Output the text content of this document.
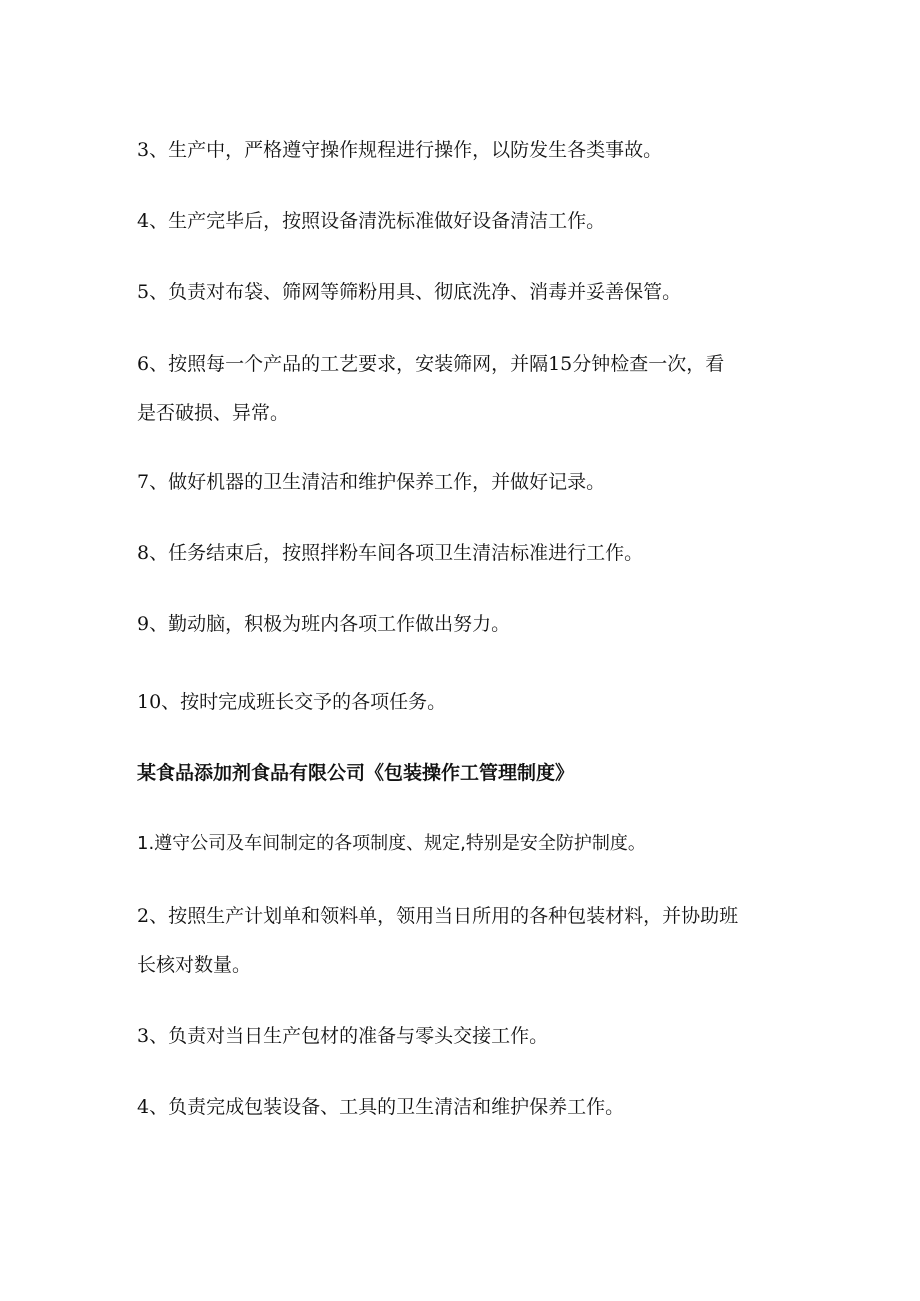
3、生产中，严格遵守操作规程进行操作，以防发生各类事故。
4、生产完毕后，按照设备清洗标准做好设备清洁工作。
5、负责对布袋、筛网等筛粉用具、彻底洗净、消毒并妥善保管。
6、按照每一个产品的工艺要求，安装筛网，并隔15分钟检查一次，看
是否破损、异常。
7、做好机器的卫生清洁和维护保养工作，并做好记录。
8、任务结束后，按照拌粉车间各项卫生清洁标准进行工作。
9、勤动脑，积极为班内各项工作做出努力。
10、按时完成班长交予的各项任务。
某食品添加剂食品有限公司《包装操作工管理制度》
1.遵守公司及车间制定的各项制度、规定,特别是安全防护制度。
2、按照生产计划单和领料单，领用当日所用的各种包装材料，并协助班
长核对数量。
3、负责对当日生产包材的准备与零头交接工作。
4、负责完成包装设备、工具的卫生清洁和维护保养工作。
